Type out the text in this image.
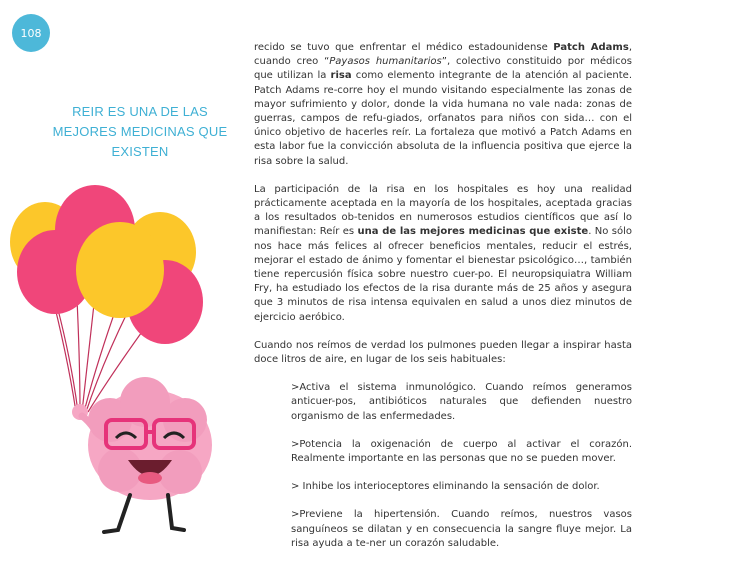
108
REIR ES UNA DE LAS MEJORES MEDICINAS QUE EXISTEN

recido se tuvo que enfrentar el médico estadounidense Patch Adams, cuando creo “Payasos humanitarios”, colectivo constituido por médicos que utilizan la risa como elemento integrante de la atención al paciente. Patch Adams re-corre hoy el mundo visitando especialmente las zonas de mayor sufrimiento y dolor, donde la vida humana no vale nada: zonas de guerras, campos de refu-giados, orfanatos para niños con sida… con el único objetivo de hacerles reír. La fortaleza que motivó a Patch Adams en esta labor fue la convicción absoluta de la influencia positiva que ejerce la risa sobre la salud.

La participación de la risa en los hospitales es hoy una realidad prácticamente aceptada en la mayoría de los hospitales, aceptada gracias a los resultados ob-tenidos en numerosos estudios científicos que así lo manifiestan: Reír es una de las mejores medicinas que existe. No sólo nos hace más felices al ofrecer beneficios mentales, reducir el estrés, mejorar el estado de ánimo y fomentar el bienestar psicológico…, también tiene repercusión física sobre nuestro cuer-po. El neuropsiquiatra William Fry, ha estudiado los efectos de la risa durante más de 25 años y asegura que 3 minutos de risa intensa equivalen en salud a unos diez minutos de ejercicio aeróbico.

Cuando nos reímos de verdad los pulmones pueden llegar a inspirar hasta doce litros de aire, en lugar de los seis habituales:

>Activa el sistema inmunológico. Cuando reímos generamos anticuer-pos, antibióticos naturales que defienden nuestro organismo de las enfermedades.

>Potencia la oxigenación de cuerpo al activar el corazón. Realmente importante en las personas que no se pueden mover.

> Inhibe los interioceptores eliminando la sensación de dolor.

>Previene la hipertensión. Cuando reímos, nuestros vasos sanguíneos se dilatan y en consecuencia la sangre fluye mejor. La risa ayuda a te-ner un corazón saludable.
